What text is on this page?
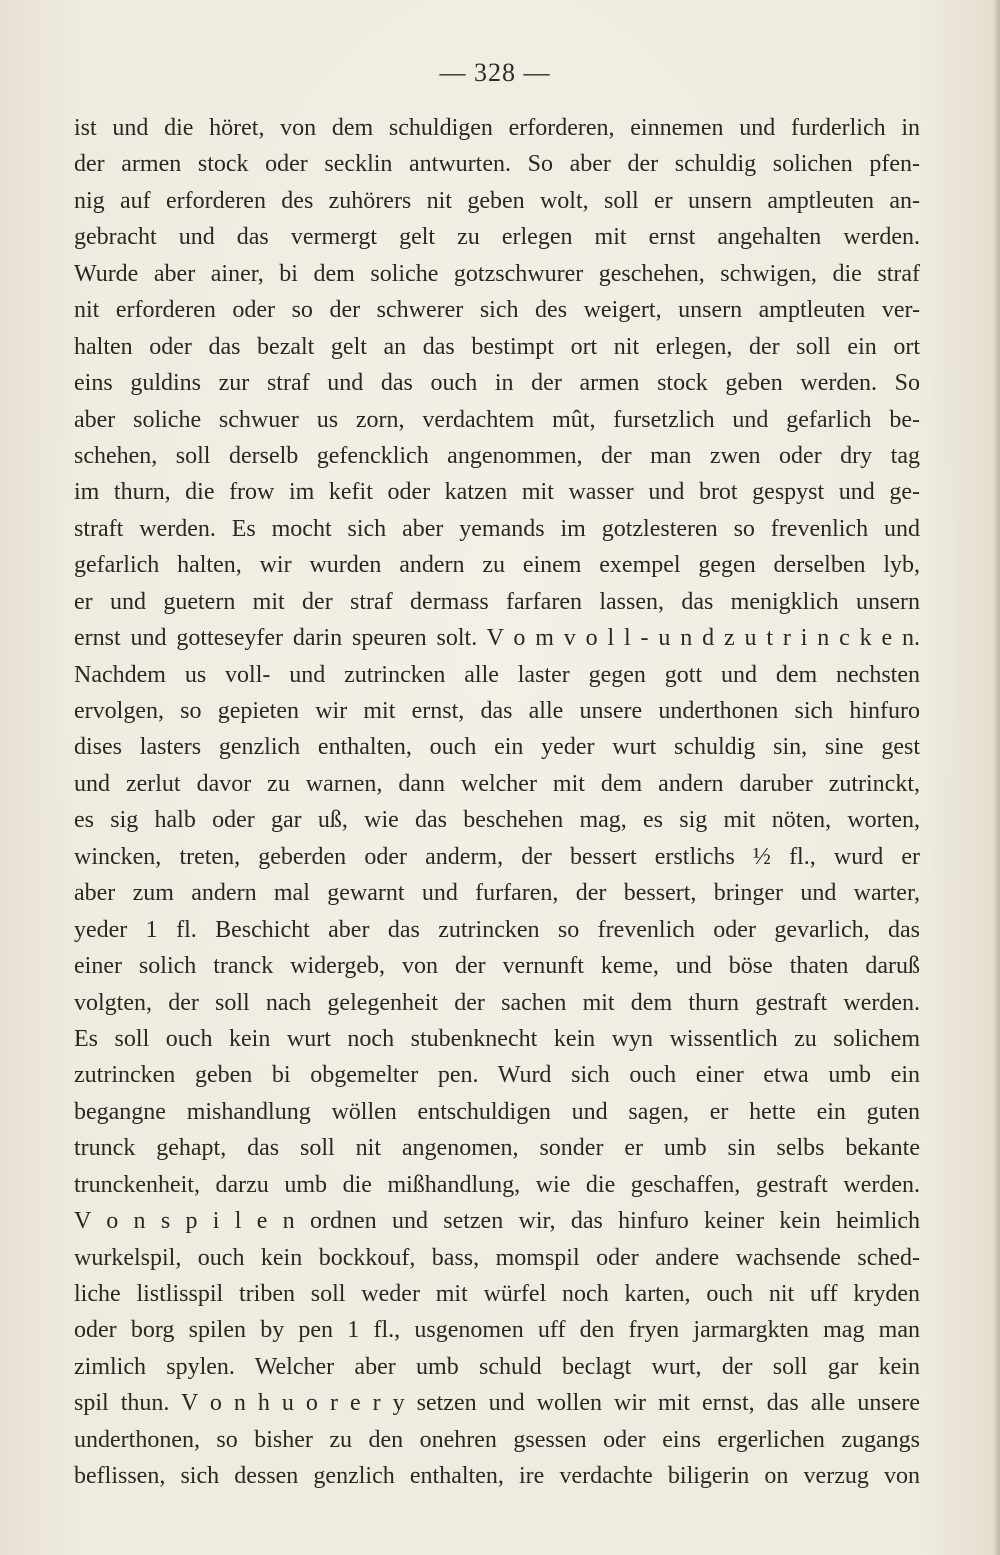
— 328 —
ist und die höret, von dem schuldigen erforderen, einnemen und furderlich in
der armen stock oder secklin antwurten. So aber der schuldig solichen pfen-
nig auf erforderen des zuhörers nit geben wolt, soll er unsern amptleuten an-
gebracht und das vermergt gelt zu erlegen mit ernst angehalten werden.
Wurde aber ainer, bi dem soliche gotzschwurer geschehen, schwigen, die straf
nit erforderen oder so der schwerer sich des weigert, unsern amptleuten ver-
halten oder das bezalt gelt an das bestimpt ort nit erlegen, der soll ein ort
eins guldins zur straf und das ouch in der armen stock geben werden. So
aber soliche schwuer us zorn, verdachtem mût, fursetzlich und gefarlich be-
schehen, soll derselb gefencklich angenommen, der man zwen oder dry tag
im thurn, die frow im kefit oder katzen mit wasser und brot gespyst und ge-
straft werden. Es mocht sich aber yemands im gotzlesteren so frevenlich und
gefarlich halten, wir wurden andern zu einem exempel gegen derselben lyb,
er und guetern mit der straf dermass farfaren lassen, das menigklich unsern
ernst und gotteseyfer darin speuren solt. V o m v o l l - u n d z u t r i n c k e n.
Nachdem us voll- und zutrincken alle laster gegen gott und dem nechsten
ervolgen, so gepieten wir mit ernst, das alle unsere underthonen sich hinfuro
dises lasters genzlich enthalten, ouch ein yeder wurt schuldig sin, sine gest
und zerlut davor zu warnen, dann welcher mit dem andern daruber zutrinckt,
es sig halb oder gar uß, wie das beschehen mag, es sig mit nöten, worten,
wincken, treten, geberden oder anderm, der bessert erstlichs ½ fl., wurd er
aber zum andern mal gewarnt und furfaren, der bessert, bringer und warter,
yeder 1 fl. Beschicht aber das zutrincken so frevenlich oder gevarlich, das
einer solich tranck widergeb, von der vernunft keme, und böse thaten daruß
volgten, der soll nach gelegenheit der sachen mit dem thurn gestraft werden.
Es soll ouch kein wurt noch stubenknecht kein wyn wissentlich zu solichem
zutrincken geben bi obgemelter pen. Wurd sich ouch einer etwa umb ein
begangne mishandlung wöllen entschuldigen und sagen, er hette ein guten
trunck gehapt, das soll nit angenomen, sonder er umb sin selbs bekante
trunckenheit, darzu umb die mißhandlung, wie die geschaffen, gestraft werden.
V o n s p i l e n ordnen und setzen wir, das hinfuro keiner kein heimlich
wurkelspil, ouch kein bockkouf, bass, momspil oder andere wachsende sched-
liche listlisspil triben soll weder mit würfel noch karten, ouch nit uff kryden
oder borg spilen by pen 1 fl., usgenomen uff den fryen jarmargkten mag man
zimlich spylen. Welcher aber umb schuld beclagt wurt, der soll gar kein
spil thun. V o n h u o r e r y setzen und wollen wir mit ernst, das alle unsere
underthonen, so bisher zu den onehren gsessen oder eins ergerlichen zugangs
beflissen, sich dessen genzlich enthalten, ire verdachte biligerin on verzug von
